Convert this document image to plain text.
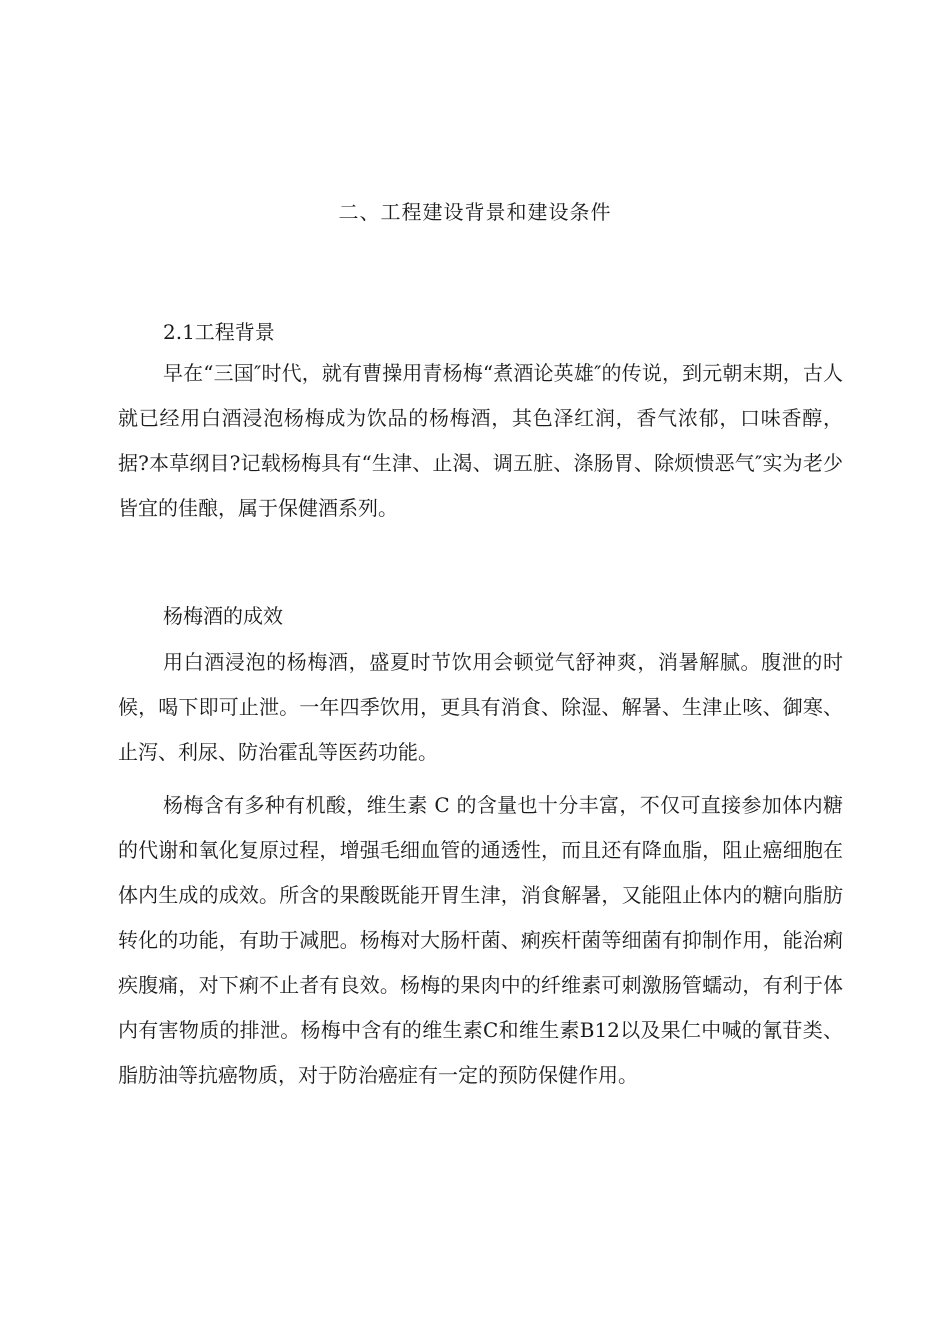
二、工程建设背景和建设条件
2.1工程背景

早在“三国″时代，就有曹操用青杨梅“煮酒论英雄″的传说，到元朝末期，古人就已经用白酒浸泡杨梅成为饮品的杨梅酒，其色泽红润，香气浓郁，口味香醇，据?本草纲目?记载杨梅具有“生津、止渴、调五脏、涤肠胃、除烦愦恶气″实为老少皆宜的佳酿，属于保健酒系列。

杨梅酒的成效

用白酒浸泡的杨梅酒，盛夏时节饮用会顿觉气舒神爽，消暑解腻。腹泄的时候，喝下即可止泄。一年四季饮用，更具有消食、除湿、解暑、生津止咳、御寒、止泻、利尿、防治霍乱等医药功能。

杨梅含有多种有机酸，维生素 C 的含量也十分丰富，不仅可直接参加体内糖的代谢和氧化复原过程，增强毛细血管的通透性，而且还有降血脂，阻止癌细胞在体内生成的成效。所含的果酸既能开胃生津，消食解暑，又能阻止体内的糖向脂肪转化的功能，有助于减肥。杨梅对大肠杆菌、痢疾杆菌等细菌有抑制作用，能治痢疾腹痛，对下痢不止者有良效。杨梅的果肉中的纤维素可刺激肠管蠕动，有利于体内有害物质的排泄。杨梅中含有的维生素C和维生素B12以及果仁中喊的氰苷类、脂肪油等抗癌物质，对于防治癌症有一定的预防保健作用。
